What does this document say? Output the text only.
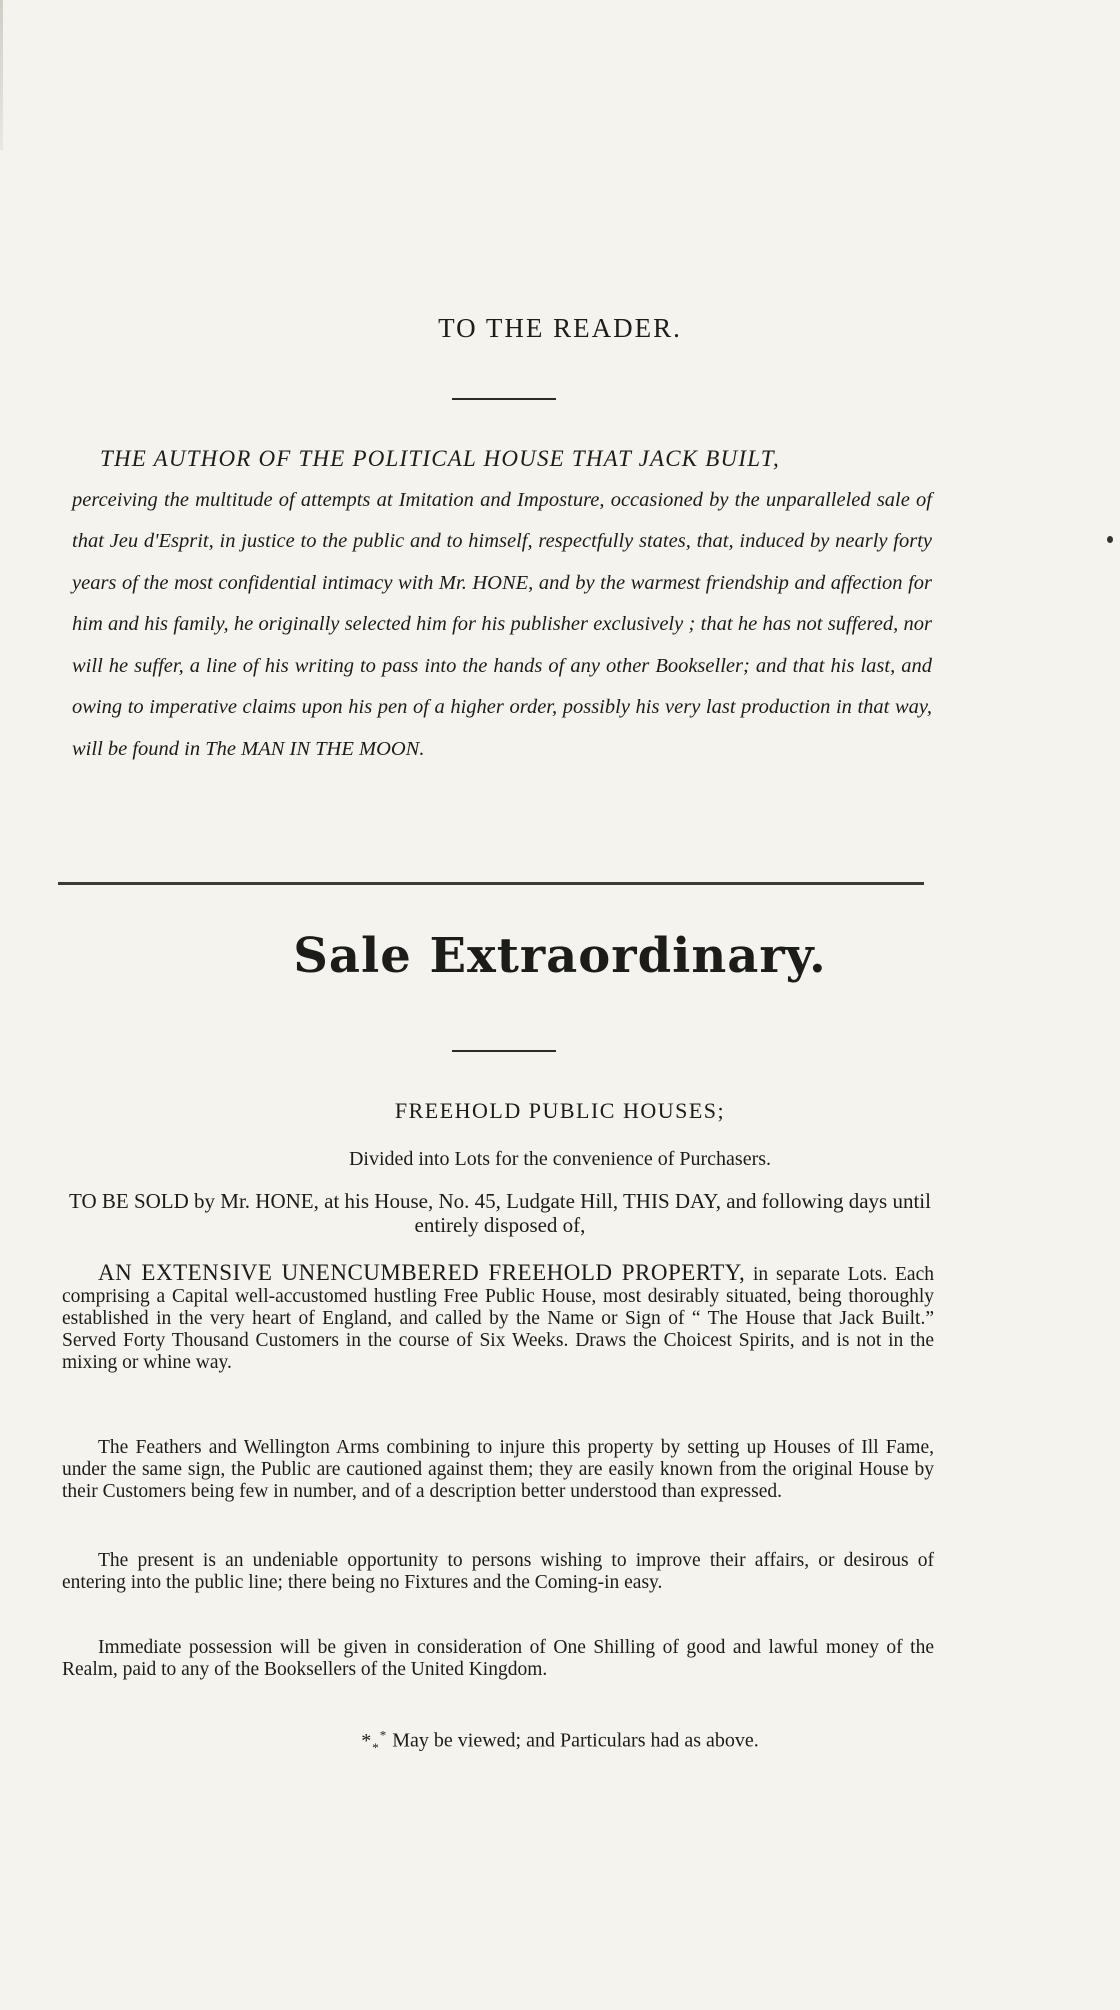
TO THE READER.
THE AUTHOR OF THE POLITICAL HOUSE THAT JACK BUILT,

perceiving the multitude of attempts at Imitation and Imposture, occasioned by the unparalleled sale of that Jeu d'Esprit, in justice to the public and to himself, respectfully states, that, induced by nearly forty years of the most confidential intimacy with Mr. HONE, and by the warmest friendship and affection for him and his family, he originally selected him for his publisher exclusively ; that he has not suffered, nor will he suffer, a line of his writing to pass into the hands of any other Bookseller; and that his last, and owing to imperative claims upon his pen of a higher order, possibly his very last production in that way, will be found in The MAN IN THE MOON.

Sale Extraordinary.
FREEHOLD PUBLIC HOUSES;
Divided into Lots for the convenience of Purchasers.
TO BE SOLD by Mr. HONE, at his House, No. 45, Ludgate Hill, THIS DAY, and following days until entirely disposed of,
AN EXTENSIVE UNENCUMBERED FREEHOLD PROPERTY, in separate Lots. Each comprising a Capital well-accustomed hustling Free Public House, most desirably situated, being thoroughly established in the very heart of England, and called by the Name or Sign of “ The House that Jack Built.” Served Forty Thousand Customers in the course of Six Weeks. Draws the Choicest Spirits, and is not in the mixing or whine way.
The Feathers and Wellington Arms combining to injure this property by setting up Houses of Ill Fame, under the same sign, the Public are cautioned against them; they are easily known from the original House by their Customers being few in number, and of a description better understood than expressed.
The present is an undeniable opportunity to persons wishing to improve their affairs, or desirous of entering into the public line; there being no Fixtures and the Coming-in easy.
Immediate possession will be given in consideration of One Shilling of good and lawful money of the Realm, paid to any of the Booksellers of the United Kingdom.
$*_*^*$ May be viewed; and Particulars had as above.
